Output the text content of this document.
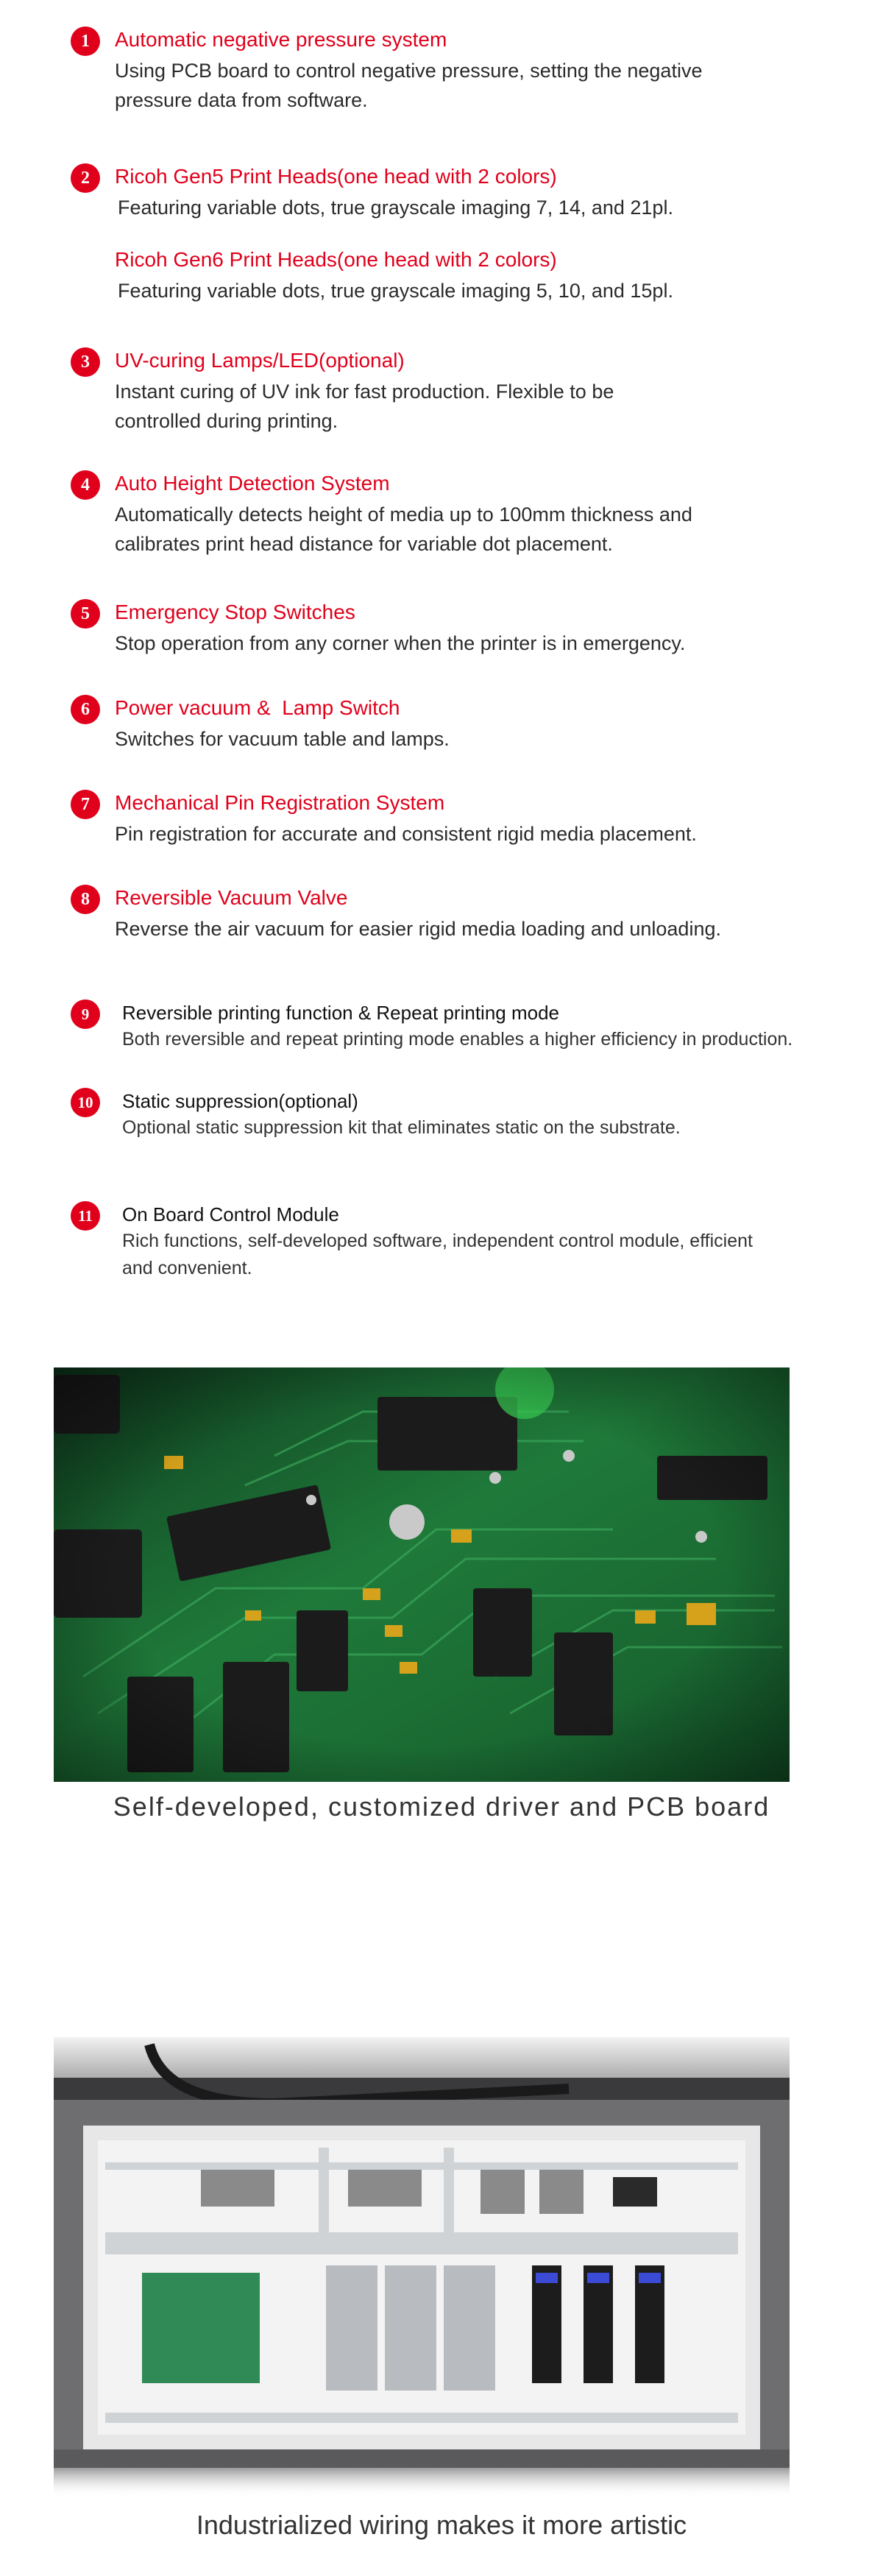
1	Automatic negative pressure system
Using PCB board to control negative pressure, setting the negative pressure data from software.
2	Ricoh Gen5 Print Heads(one head with 2 colors)
Featuring variable dots, true grayscale imaging 7, 14, and 21pl.
Ricoh Gen6 Print Heads(one head with 2 colors)
Featuring variable dots, true grayscale imaging 5, 10, and 15pl.
3	UV-curing Lamps/LED(optional)
Instant curing of UV ink for fast production. Flexible to be controlled during printing.
4	Auto Height Detection System
Automatically detects height of media up to 100mm thickness and calibrates print head distance for variable dot placement.
5	Emergency Stop Switches
Stop operation from any corner when the printer is in emergency.
6	Power vacuum &  Lamp Switch
Switches for vacuum table and lamps.
7	Mechanical Pin Registration System
Pin registration for accurate and consistent rigid media placement.
8	Reversible Vacuum Valve
Reverse the air vacuum for easier rigid media loading and unloading.
9	Reversible printing function & Repeat printing mode
Both reversible and repeat printing mode enables a higher efficiency in production.
10	Static suppression(optional)
Optional static suppression kit that eliminates static on the substrate.
11	On Board Control Module
Rich functions, self-developed software, independent control module, efficient and convenient.
Self-developed, customized driver and PCB board
Industrialized wiring makes it more artistic
